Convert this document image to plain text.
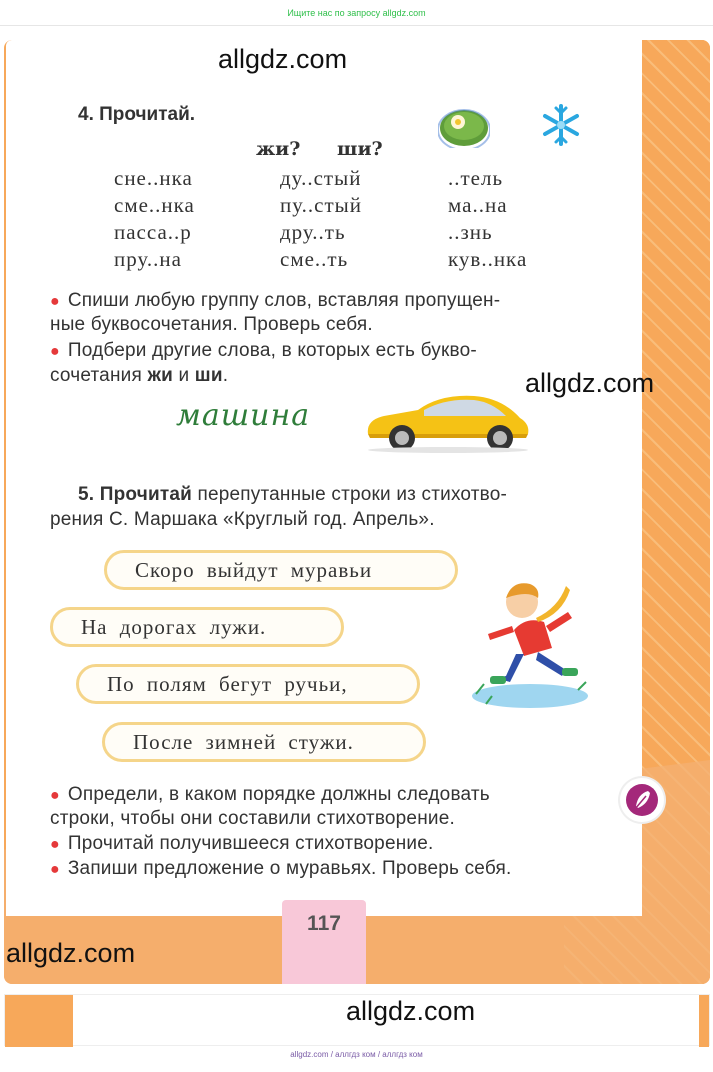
Ищите нас по запросу allgdz.com
allgdz.com
allgdz.com
allgdz.com
4. Прочитай.
жи? ши?
сне..нка	ду..стый	..тель
сме..нка	пу..стый	ма..на
пасса..р	дру..ть	..знь
пру..на	сме..ть	кув..нка
● Спиши любую группу слов, вставляя пропущен-
ные буквосочетания. Проверь себя.
● Подбери другие слова, в которых есть букво-
сочетания жи и ши.
машина
5. Прочитай перепутанные строки из стихотво-
рения С. Маршака «Круглый год. Апрель».
Скоро выйдут муравьи
На дорогах лужи.
По полям бегут ручьи,
После зимней стужи.
● Определи, в каком порядке должны следовать
строки, чтобы они составили стихотворение.
● Прочитай получившееся стихотворение.
● Запиши предложение о муравьях. Проверь себя.
117
allgdz.com
allgdz.com / аллгдз ком / аллгдз ком
